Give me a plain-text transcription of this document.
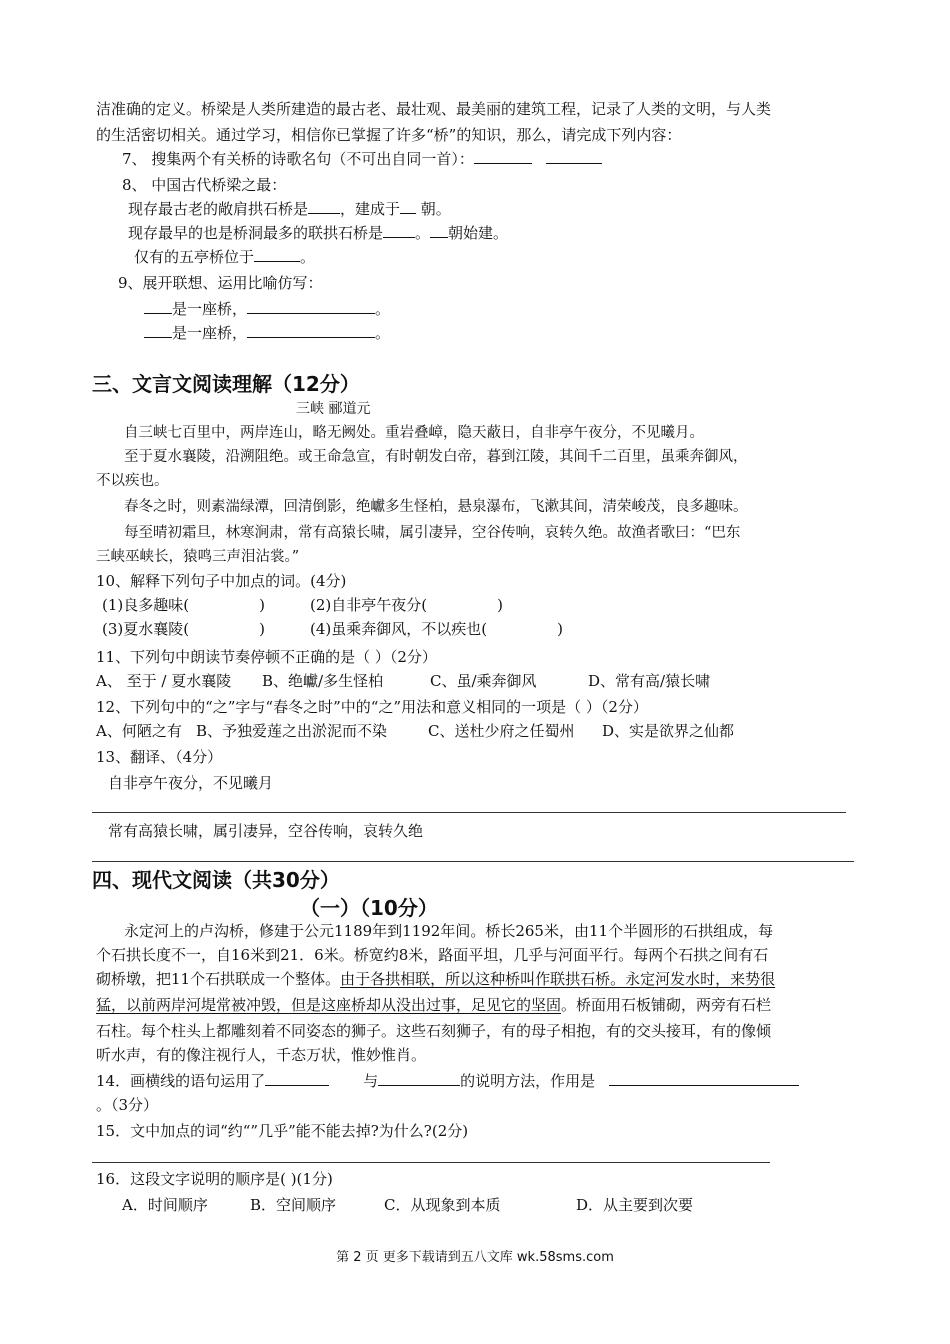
洁准确的定义。桥梁是人类所建造的最古老、最壮观、最美丽的建筑工程，记录了人类的文明，与人类
的生活密切相关。通过学习，相信你已掌握了许多“桥”的知识，那么，请完成下列内容：
7、 搜集两个有关桥的诗歌名句（不可出自同一首）：
8、 中国古代桥梁之最：
现存最古老的敞肩拱石桥是 ，建成于 朝。
现存最早的也是桥洞最多的联拱石桥是 。 朝始建。
仅有的五亭桥位于	。
9、展开联想、运用比喻仿写：
是一座桥，	。
是一座桥，	。
三、文言文阅读理解（12分）
三峡 郦道元
自三峡七百里中，两岸连山，略无阙处。重岩叠嶂，隐天蔽日，自非亭午夜分，不见曦月。
至于夏水襄陵，沿溯阻绝。或王命急宣，有时朝发白帝，暮到江陵，其间千二百里，虽乘奔御风，
不以疾也。
春冬之时，则素湍绿潭，回清倒影，绝巘多生怪柏，悬泉瀑布，飞漱其间，清荣峻茂，良多趣味。
每至晴初霜旦，林寒涧肃，常有高猿长啸，属引凄异，空谷传响，哀转久绝。故渔者歌曰：“巴东
三峡巫峡长，猿鸣三声泪沾裳。”
10、解释下列句子中加点的词。(4分)
(1)良多趣味(	)	(2)自非亭午夜分(	)
(3)夏水襄陵(	)	(4)虽乘奔御风，不以疾也(	)
11、下列句中朗读节奏停顿不正确的是（ ）（2分）
A、 至于 / 夏水襄陵 B、绝巘/多生怪柏	C、虽/乘奔御风	D、常有高/猿长啸
12、下列句中的“之”字与“春冬之时”中的“之”用法和意义相同的一项是（ ）（2分）
A、何陋之有 B、予独爱莲之出淤泥而不染	C、送杜少府之任蜀州 D、实是欲界之仙都
13、翻译、（4分）
自非亭午夜分，不见曦月
常有高猿长啸，属引凄异，空谷传响，哀转久绝
四、现代文阅读（共30分）
（一）（10分）
永定河上的卢沟桥，修建于公元1189年到1192年间。桥长265米，由11个半圆形的石拱组成，每
个石拱长度不一，自16米到21．6米。桥宽约8米，路面平坦，几乎与河面平行。每两个石拱之间有石
砌桥墩，把11个石拱联成一个整体。由于各拱相联，所以这种桥叫作联拱石桥。永定河发水时，来势很
猛，以前两岸河堤常被冲毁，但是这座桥却从没出过事，足见它的坚固。桥面用石板铺砌，两旁有石栏
石柱。每个柱头上都雕刻着不同姿态的狮子。这些石刻狮子，有的母子相抱，有的交头接耳，有的像倾
听水声，有的像注视行人，千态万状，惟妙惟肖。
14．画横线的语句运用了	与	的说明方法，作用是
。（3分）
15．文中加点的词“约“”几乎”能不能去掉?为什么?(2分)
16．这段文字说明的顺序是( )(1分)
A．时间顺序	B．空间顺序	C．从现象到本质	D．从主要到次要
第 2 页 更多下载请到五八文库 wk.58sms.com
